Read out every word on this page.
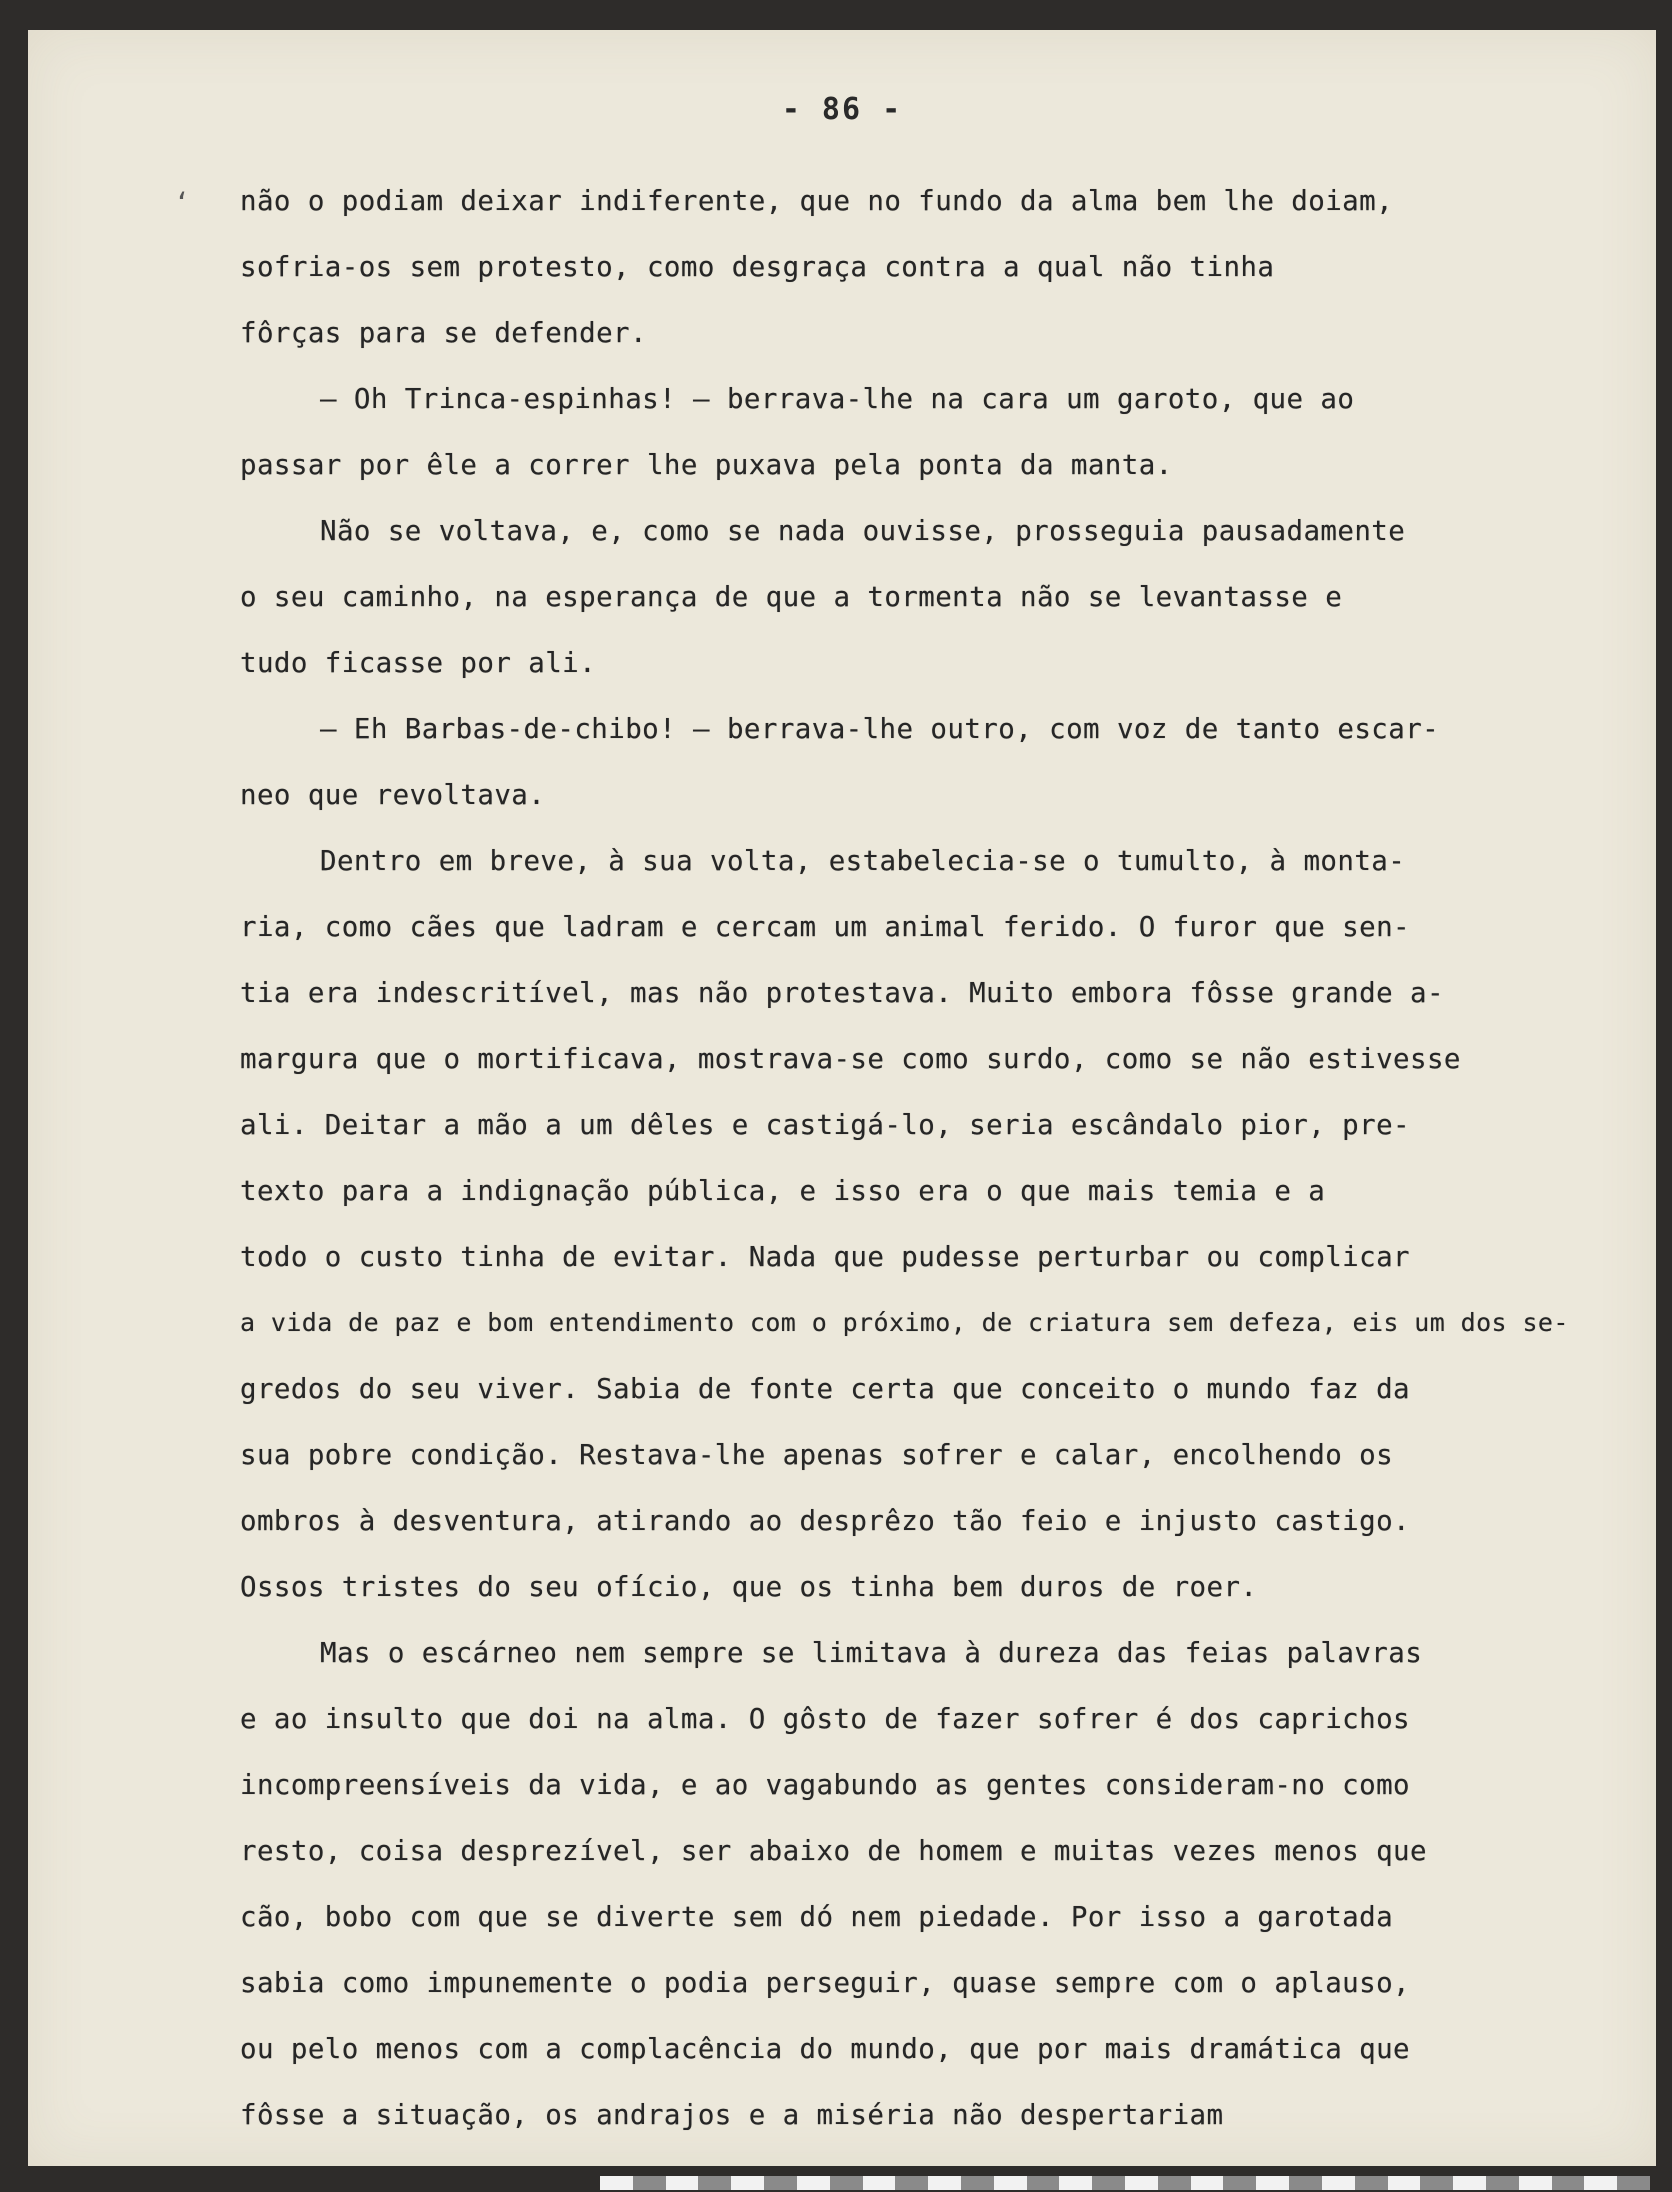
ʻ
- 86 -
não o podiam deixar indiferente, que no fundo da alma bem lhe doiam,
sofria-os sem protesto, como desgraça contra a qual não tinha
fôrças para se defender.
— Oh Trinca-espinhas! — berrava-lhe na cara um garoto, que ao
passar por êle a correr lhe puxava pela ponta da manta.
Não se voltava, e, como se nada ouvisse, prosseguia pausadamente
o seu caminho, na esperança de que a tormenta não se levantasse e
tudo ficasse por ali.
— Eh Barbas-de-chibo! — berrava-lhe outro, com voz de tanto escar-
neo que revoltava.
Dentro em breve, à sua volta, estabelecia-se o tumulto, à monta-
ria, como cães que ladram e cercam um animal ferido. O furor que sen-
tia era indescritível, mas não protestava. Muito embora fôsse grande a-
margura que o mortificava, mostrava-se como surdo, como se não estivesse
ali. Deitar a mão a um dêles e castigá-lo, seria escândalo pior, pre-
texto para a indignação pública, e isso era o que mais temia e a
todo o custo tinha de evitar. Nada que pudesse perturbar ou complicar
a vida de paz e bom entendimento com o próximo, de criatura sem defeza, eis um dos se-
gredos do seu viver. Sabia de fonte certa que conceito o mundo faz da
sua pobre condição. Restava-lhe apenas sofrer e calar, encolhendo os
ombros à desventura, atirando ao desprêzo tão feio e injusto castigo.
Ossos tristes do seu ofício, que os tinha bem duros de roer.
Mas o escárneo nem sempre se limitava à dureza das feias palavras
e ao insulto que doi na alma. O gôsto de fazer sofrer é dos caprichos
incompreensíveis da vida, e ao vagabundo as gentes consideram-no como
resto, coisa desprezível, ser abaixo de homem e muitas vezes menos que
cão, bobo com que se diverte sem dó nem piedade. Por isso a garotada
sabia como impunemente o podia perseguir, quase sempre com o aplauso,
ou pelo menos com a complacência do mundo, que por mais dramática que
fôsse a situação, os andrajos e a miséria não despertariam
